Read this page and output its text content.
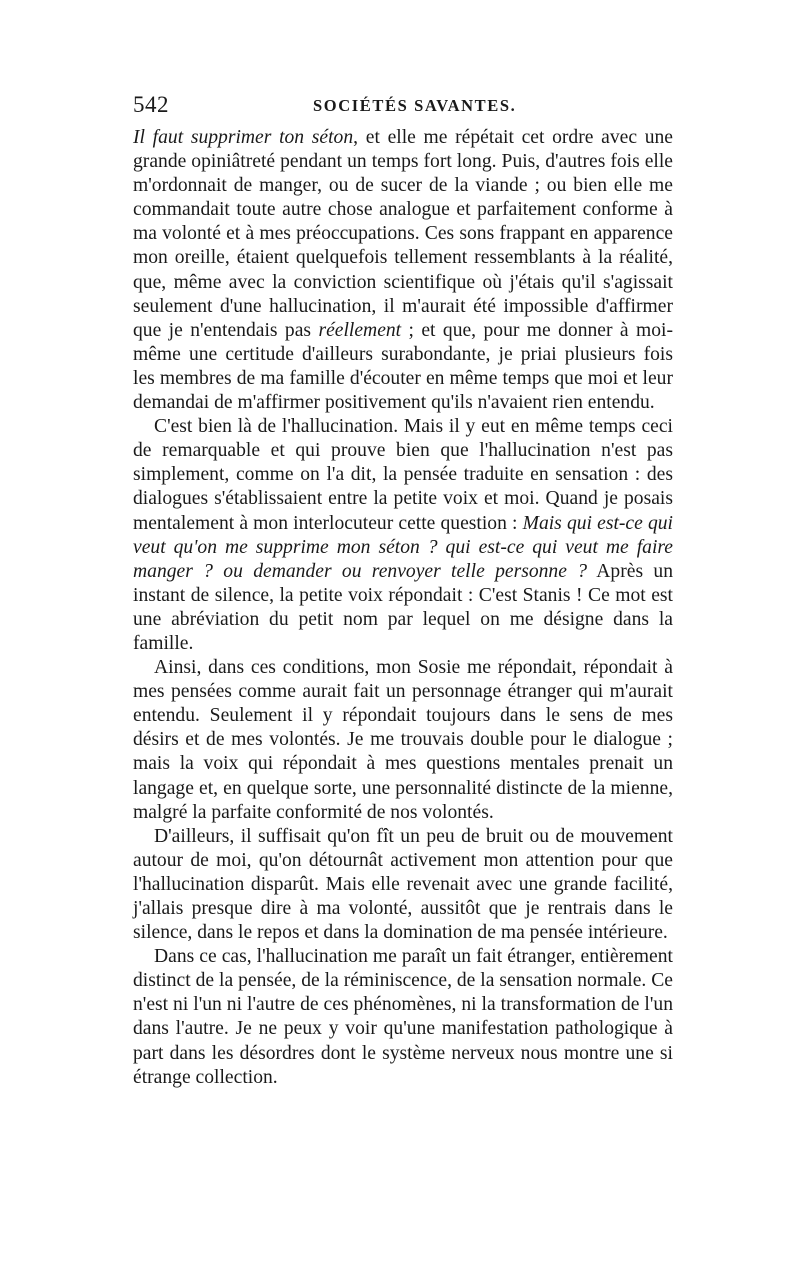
542	SOCIÉTÉS SAVANTES.

Il faut supprimer ton séton, et elle me répétait cet ordre avec une grande opiniâtreté pendant un temps fort long. Puis, d'autres fois elle m'ordonnait de manger, ou de sucer de la viande ; ou bien elle me commandait toute autre chose analogue et parfaitement conforme à ma volonté et à mes préoccupations. Ces sons frappant en apparence mon oreille, étaient quelquefois tellement ressemblants à la réalité, que, même avec la conviction scientifique où j'étais qu'il s'agissait seulement d'une hallucination, il m'aurait été impossible d'affirmer que je n'entendais pas réellement ; et que, pour me donner à moi-même une certitude d'ailleurs surabondante, je priai plusieurs fois les membres de ma famille d'écouter en même temps que moi et leur demandai de m'affirmer positivement qu'ils n'avaient rien entendu.

C'est bien là de l'hallucination. Mais il y eut en même temps ceci de remarquable et qui prouve bien que l'hallucination n'est pas simplement, comme on l'a dit, la pensée traduite en sensation : des dialogues s'établissaient entre la petite voix et moi. Quand je posais mentalement à mon interlocuteur cette question : Mais qui est-ce qui veut qu'on me supprime mon séton ? qui est-ce qui veut me faire manger ? ou demander ou renvoyer telle personne ? Après un instant de silence, la petite voix répondait : C'est Stanis ! Ce mot est une abréviation du petit nom par lequel on me désigne dans la famille.

Ainsi, dans ces conditions, mon Sosie me répondait, répondait à mes pensées comme aurait fait un personnage étranger qui m'aurait entendu. Seulement il y répondait toujours dans le sens de mes désirs et de mes volontés. Je me trouvais double pour le dialogue ; mais la voix qui répondait à mes questions mentales prenait un langage et, en quelque sorte, une personnalité distincte de la mienne, malgré la parfaite conformité de nos volontés.

D'ailleurs, il suffisait qu'on fît un peu de bruit ou de mouvement autour de moi, qu'on détournât activement mon attention pour que l'hallucination disparût. Mais elle revenait avec une grande facilité, j'allais presque dire à ma volonté, aussitôt que je rentrais dans le silence, dans le repos et dans la domination de ma pensée intérieure.

Dans ce cas, l'hallucination me paraît un fait étranger, entièrement distinct de la pensée, de la réminiscence, de la sensation normale. Ce n'est ni l'un ni l'autre de ces phénomènes, ni la transformation de l'un dans l'autre. Je ne peux y voir qu'une manifestation pathologique à part dans les désordres dont le système nerveux nous montre une si étrange collection.
